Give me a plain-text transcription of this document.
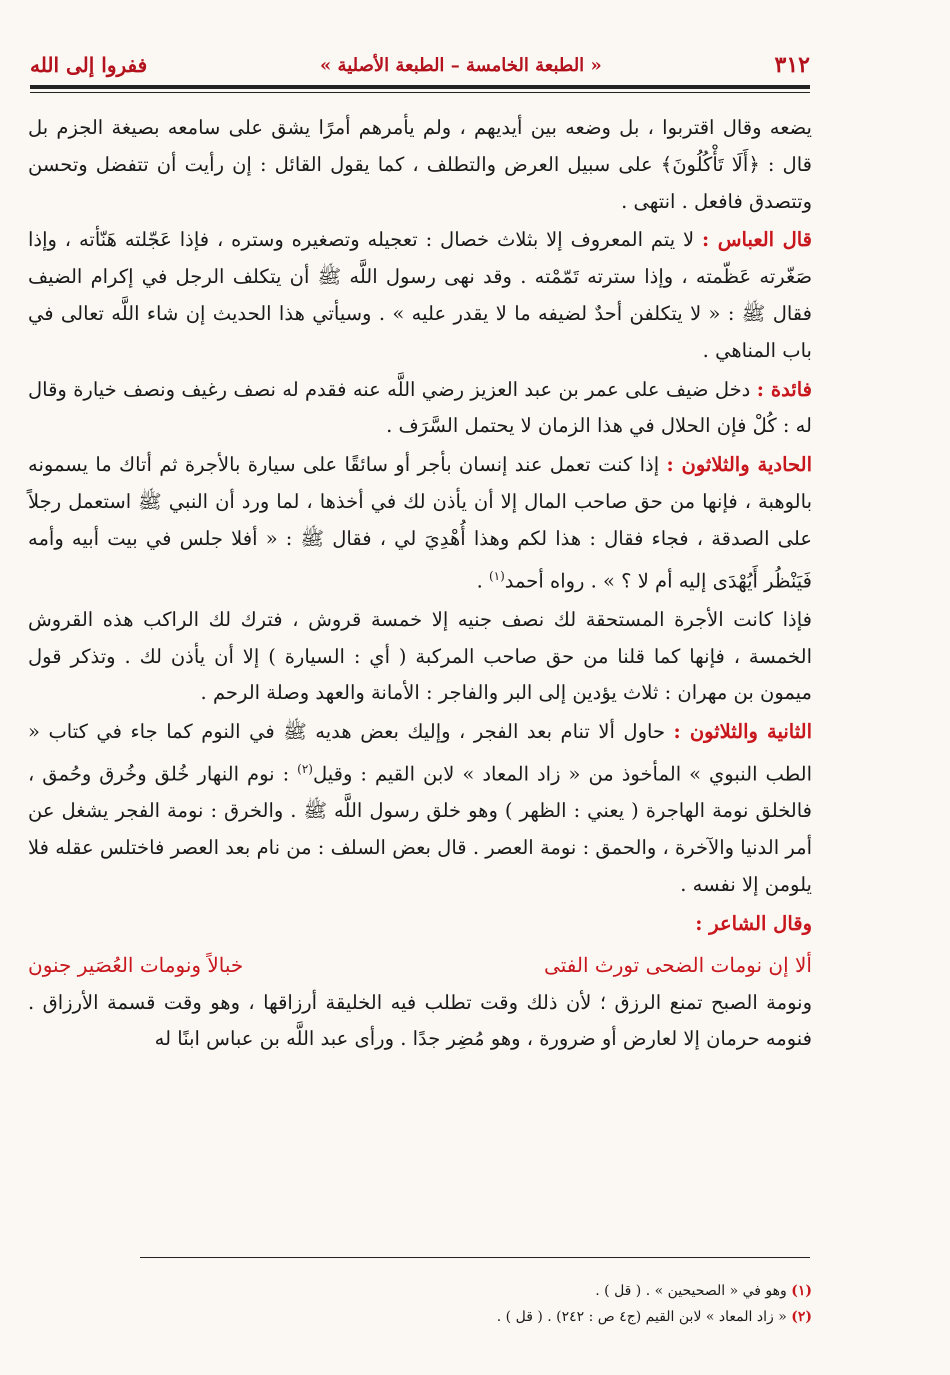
٣١٢
« الطبعة الخامسة – الطبعة الأصلية »
ففروا إلى الله

يضعه وقال اقتربوا ، بل وضعه بين أيديهم ، ولم يأمرهم أمرًا يشق على سامعه بصيغة الجزم بل قال : ﴿أَلَا تَأْكُلُونَ﴾ على سبيل العرض والتطلف ، كما يقول القائل : إن رأيت أن تتفضل وتحسن وتتصدق فافعل . انتهى .

قال العباس : لا يتم المعروف إلا بثلاث خصال : تعجيله وتصغيره وستره ، فإذا عَجّلته هَنّأته ، وإذا صَغّرته عَظّمته ، وإذا سترته تَمّمْته . وقد نهى رسول اللَّه ﷺ أن يتكلف الرجل في إكرام الضيف فقال ﷺ : « لا يتكلفن أحدٌ لضيفه ما لا يقدر عليه » . وسيأتي هذا الحديث إن شاء اللَّه تعالى في باب المناهي .

فائدة : دخل ضيف على عمر بن عبد العزيز رضي اللَّه عنه فقدم له نصف رغيف ونصف خيارة وقال له : كُلْ فإن الحلال في هذا الزمان لا يحتمل السَّرَف .

الحادية والثلاثون : إذا كنت تعمل عند إنسان بأجر أو سائقًا على سيارة بالأجرة ثم أتاك ما يسمونه بالوهبة ، فإنها من حق صاحب المال إلا أن يأذن لك في أخذها ، لما ورد أن النبي ﷺ استعمل رجلاً على الصدقة ، فجاء فقال : هذا لكم وهذا أُهْدِيَ لي ، فقال ﷺ : « أفلا جلس في بيت أبيه وأمه فَيَنْظُر أَيُهْدَى إليه أم لا ؟ » . رواه أحمد$^{(١)}$ .

فإذا كانت الأجرة المستحقة لك نصف جنيه إلا خمسة قروش ، فترك لك الراكب هذه القروش الخمسة ، فإنها كما قلنا من حق صاحب المركبة ( أي : السيارة ) إلا أن يأذن لك . وتذكر قول ميمون بن مهران : ثلاث يؤدين إلى البر والفاجر : الأمانة والعهد وصلة الرحم .

الثانية والثلاثون : حاول ألا تنام بعد الفجر ، وإليك بعض هديه ﷺ في النوم كما جاء في كتاب « الطب النبوي » المأخوذ من « زاد المعاد » لابن القيم : وقيل$^{(٢)}$ : نوم النهار خُلق وخُرق وحُمق ، فالخلق نومة الهاجرة ( يعني : الظهر ) وهو خلق رسول اللَّه ﷺ . والخرق : نومة الفجر يشغل عن أمر الدنيا والآخرة ، والحمق : نومة العصر . قال بعض السلف : من نام بعد العصر فاختلس عقله فلا يلومن إلا نفسه .

وقال الشاعر :

ألا إن نومات الضحى تورث الفتى
خبالاً ونومات العُصَير جنون

ونومة الصبح تمنع الرزق ؛ لأن ذلك وقت تطلب فيه الخليقة أرزاقها ، وهو وقت قسمة الأرزاق . فنومه حرمان إلا لعارض أو ضرورة ، وهو مُضِر جدًا . ورأى عبد اللَّه بن عباس ابنًا له

(١) وهو في « الصحيحين » . ( قل ) .
(٢) « زاد المعاد » لابن القيم (ج٤ ص : ٢٤٢) . ( قل ) .
